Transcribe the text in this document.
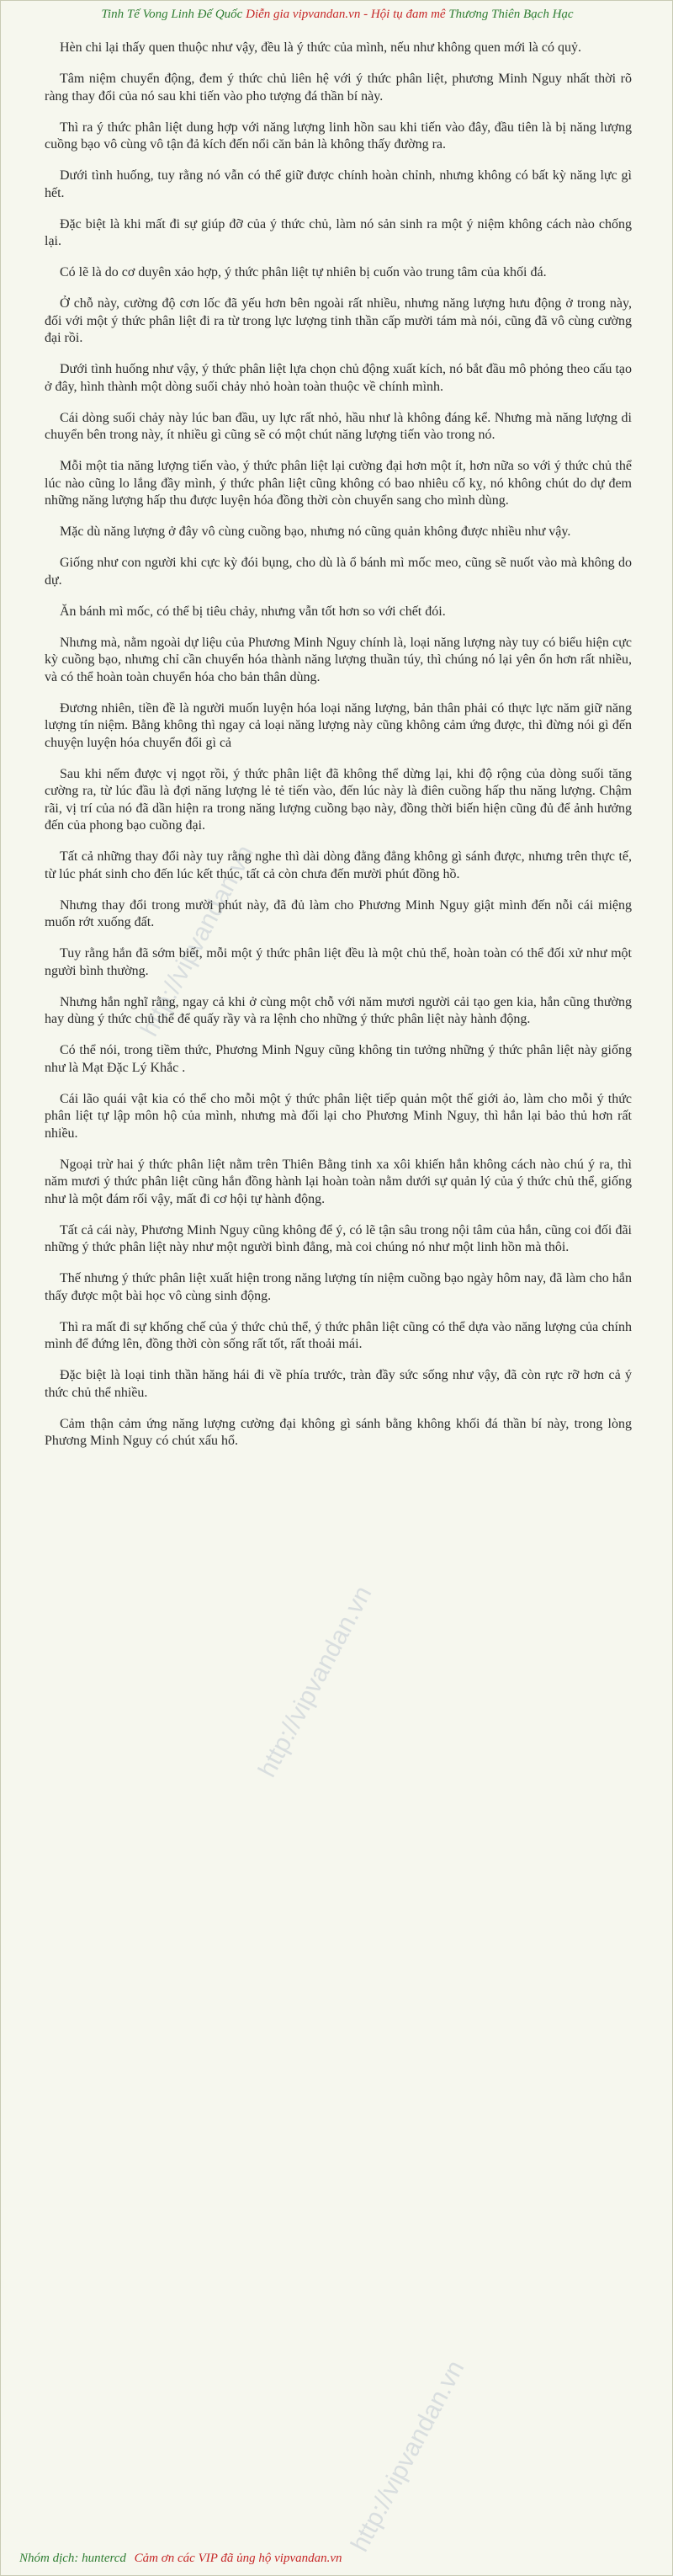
Tinh Tế Vong Linh Đế Quốc Diễn gia vipvandan.vn - Hội tụ đam mê Thương Thiên Bạch Hạc
http://vipvandan.vn
http://vipvandan.vn
http://vipvandan.vn

Hèn chi lại thấy quen thuộc như vậy, đều là ý thức của mình, nếu như không quen mới là có quỷ.

Tâm niệm chuyển động, đem ý thức chủ liên hệ với ý thức phân liệt, phương Minh Nguy nhất thời rõ ràng thay đổi của nó sau khi tiến vào pho tượng đá thần bí này.

Thì ra ý thức phân liệt dung hợp với năng lượng linh hồn sau khi tiến vào đây, đầu tiên là bị năng lượng cuồng bạo vô cùng vô tận đả kích đến nổi căn bản là không thấy đường ra.

Dưới tình huống, tuy rằng nó vẫn có thể giữ được chính hoàn chỉnh, nhưng không có bất kỳ năng lực gì hết.

Đặc biệt là khi mất đi sự giúp đỡ của ý thức chủ, làm nó sản sinh ra một ý niệm không cách nào chống lại.

Có lẽ là do cơ duyên xảo hợp, ý thức phân liệt tự nhiên bị cuốn vào trung tâm của khối đá.

Ở chỗ này, cường độ cơn lốc đã yếu hơn bên ngoài rất nhiều, nhưng năng lượng hưu động ở trong này, đối với một ý thức phân liệt đi ra từ trong lực lượng tinh thần cấp mười tám mà nói, cũng đã vô cùng cường đại rồi.

Dưới tình huống như vậy, ý thức phân liệt lựa chọn chủ động xuất kích, nó bắt đầu mô phỏng theo cấu tạo ở đây, hình thành một dòng suối chảy nhỏ hoàn toàn thuộc về chính mình.

Cái dòng suối chảy này lúc ban đầu, uy lực rất nhỏ, hầu như là không đáng kể. Nhưng mà năng lượng di chuyển bên trong này, ít nhiều gì cũng sẽ có một chút năng lượng tiến vào trong nó.

Mỗi một tia năng lượng tiến vào, ý thức phân liệt lại cường đại hơn một ít, hơn nữa so với ý thức chủ thể lúc nào cũng lo lắng đầy mình, ý thức phân liệt cũng không có bao nhiêu cố kỵ, nó không chút do dự đem những năng lượng hấp thu được luyện hóa đồng thời còn chuyển sang cho mình dùng.

Mặc dù năng lượng ở đây vô cùng cuồng bạo, nhưng nó cũng quản không được nhiều như vậy.

Giống như con người khi cực kỳ đói bụng, cho dù là ổ bánh mì mốc meo, cũng sẽ nuốt vào mà không do dự.

Ăn bánh mì mốc, có thể bị tiêu chảy, nhưng vẫn tốt hơn so với chết đói.

Nhưng mà, nằm ngoài dự liệu của Phương Minh Nguy chính là, loại năng lượng này tuy có biểu hiện cực kỳ cuồng bạo, nhưng chỉ cần chuyển hóa thành năng lượng thuần túy, thì chúng nó lại yên ổn hơn rất nhiều, và có thể hoàn toàn chuyển hóa cho bản thân dùng.

Đương nhiên, tiền đề là người muốn luyện hóa loại năng lượng, bản thân phải có thực lực năm giữ năng lượng tín niệm. Bằng không thì ngay cả loại năng lượng này cũng không cảm ứng được, thì đừng nói gì đến chuyện luyện hóa chuyển đổi gì cả

Sau khi nếm được vị ngọt rồi, ý thức phân liệt đã không thể dừng lại, khi độ rộng của dòng suối tăng cường ra, từ lúc đầu là đợi năng lượng lẻ tẻ tiến vào, đến lúc này là điên cuồng hấp thu năng lượng. Chậm rãi, vị trí của nó đã dần hiện ra trong năng lượng cuồng bạo này, đồng thời biến hiện cũng đủ để ảnh hưởng đến của phong bạo cuồng đại.

Tất cả những thay đổi này tuy rằng nghe thì dài dòng đằng đẳng không gì sánh được, nhưng trên thực tế, từ lúc phát sinh cho đến lúc kết thúc, tất cả còn chưa đến mười phút đồng hồ.

Nhưng thay đổi trong mười phút này, đã đủ làm cho Phương Minh Nguy giật mình đến nỗi cái miệng muốn rớt xuống đất.

Tuy rằng hắn đã sớm biết, mỗi một ý thức phân liệt đều là một chủ thể, hoàn toàn có thể đối xử như một người bình thường.

Nhưng hắn nghĩ rằng, ngay cả khi ở cùng một chỗ với năm mươi người cải tạo gen kia, hắn cũng thường hay dùng ý thức chủ thể để quấy rầy và ra lệnh cho những ý thức phân liệt này hành động.

Có thể nói, trong tiềm thức, Phương Minh Nguy cũng không tin tưởng những ý thức phân liệt này giống như là Mạt Đặc Lý Khắc .

Cái lão quái vật kia có thể cho mỗi một ý thức phân liệt tiếp quản một thế giới ảo, làm cho mỗi ý thức phân liệt tự lập môn hộ của mình, nhưng mà đối lại cho Phương Minh Nguy, thì hắn lại bảo thủ hơn rất nhiều.

Ngoại trừ hai ý thức phân liệt nằm trên Thiên Bằng tinh xa xôi khiến hắn không cách nào chú ý ra, thì năm mươi ý thức phân liệt cũng hắn đồng hành lại hoàn toàn nằm dưới sự quản lý của ý thức chủ thể, giống như là một đám rối vậy, mất đi cơ hội tự hành động.

Tất cả cái này, Phương Minh Nguy cũng không để ý, có lẽ tận sâu trong nội tâm của hắn, cũng coi đối đãi những ý thức phân liệt này như một người bình đẳng, mà coi chúng nó như một linh hồn mà thôi.

Thế nhưng ý thức phân liệt xuất hiện trong năng lượng tín niệm cuồng bạo ngày hôm nay, đã làm cho hắn thấy được một bài học vô cùng sinh động.

Thì ra mất đi sự khống chế của ý thức chủ thể, ý thức phân liệt cũng có thể dựa vào năng lượng của chính mình để đứng lên, đồng thời còn sống rất tốt, rất thoải mái.

Đặc biệt là loại tinh thần hăng hái đi về phía trước, tràn đầy sức sống như vậy, đã còn rực rỡ hơn cả ý thức chủ thể nhiều.

Cảm thận cảm ứng năng lượng cường đại không gì sánh bằng không khối đá thần bí này, trong lòng Phương Minh Nguy có chút xấu hổ.

Nhóm dịch: huntercd Cảm ơn các VIP đã ủng hộ vipvandan.vn
